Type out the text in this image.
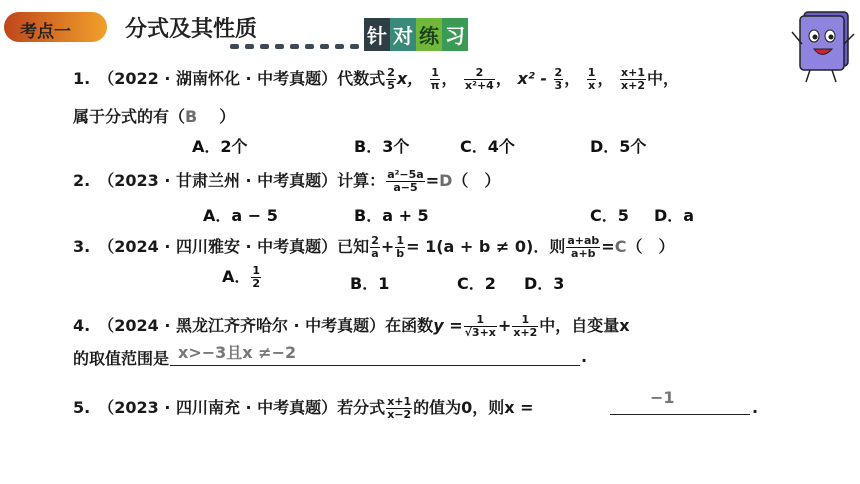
考点一 分式及其性质	针 对 练 习
1.　（2022 · 湖南怀化 · 中考真题）代数式 $\frac{2}{5}$ x， $\frac{1}{\pi}$ ， $\frac{2}{\text{x²+4}}$ ， $x^2 - \frac{2}{3}$ ， $\frac{1}{x}$ ， $\frac{x+1}{x+2}$ 中，
属于分式的有（B ）
A．2个	B．3个	C．4个	D．5个
2.　（2023 · 甘肃兰州 · 中考真题）计算： $\frac{\text{a²−5a}}{a-5} =D$（　）
A．a − 5	B．a + 5	C．5 D．a
3.　（2024 · 四川雅安 · 中考真题）已知 $\frac{2}{a} + \frac{1}{b} = 1(a + b \ne 0)$．则 $\frac{a+ab}{a+b} =C$（　）
A． $\frac{1}{2}$	B．1	C．2 D．3
4.　（2024 · 黑龙江齐齐哈尔 · 中考真题）在函数$y = \frac{1}{√3+x} + \frac{1}{x+2}$ 中，自变量x
的取值范围是 x>−3且x ≠−2	.
5.　（2023 · 四川南充 · 中考真题）若分式 $\frac{x+1}{x-2}$ 的值为0，则x =
−1
.
